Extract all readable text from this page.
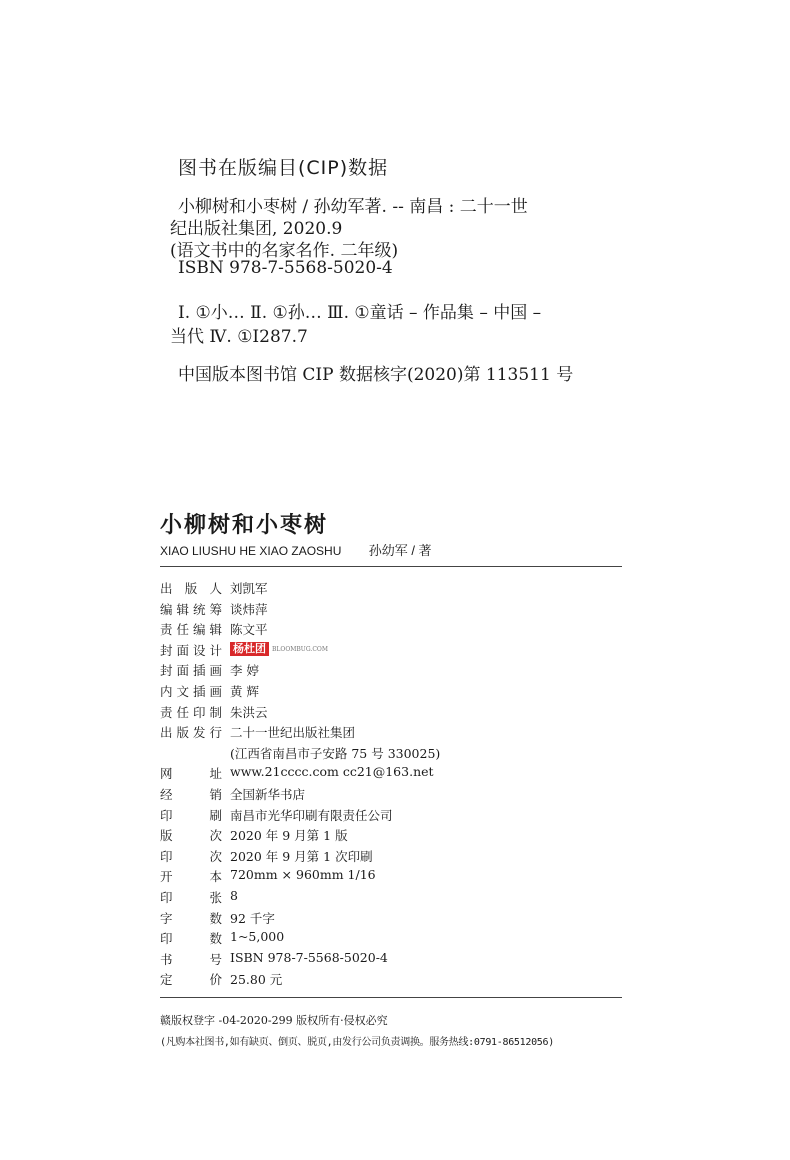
图书在版编目(CIP)数据
小柳树和小枣树 / 孙幼军著. -- 南昌 : 二十一世
纪出版社集团, 2020.9
(语文书中的名家名作. 二年级)
ISBN 978-7-5568-5020-4
Ⅰ. ①小… Ⅱ. ①孙… Ⅲ. ①童话 – 作品集 – 中国 –
当代 Ⅳ. ①I287.7
中国版本图书馆 CIP 数据核字(2020)第 113511 号
小柳树和小枣树
XIAO LIUSHU HE XIAO ZAOSHU 孙幼军 / 著
出 版 人 刘凯军
编 辑 统 筹 谈炜萍
责 任 编 辑 陈文平
封 面 设 计 杨杜团 BLOOMBUG.COM
封 面 插 画 李 婷
内 文 插 画 黄 辉
责 任 印 制 朱洪云
出 版 发 行 二十一世纪出版社集团
(江西省南昌市子安路 75 号 330025)
网	址 www.21cccc.com cc21@163.net
经	销 全国新华书店
印	刷 南昌市光华印刷有限责任公司
版	次 2020 年 9 月第 1 版
印	次 2020 年 9 月第 1 次印刷
开	本 720mm × 960mm 1/16
印	张 8
字	数 92 千字
印	数 1~5,000
书	号 ISBN 978-7-5568-5020-4
定	价 25.80 元
赣版权登字 -04-2020-299 版权所有·侵权必究
(凡购本社图书,如有缺页、倒页、脱页,由发行公司负责调换。服务热线:0791-86512056)
